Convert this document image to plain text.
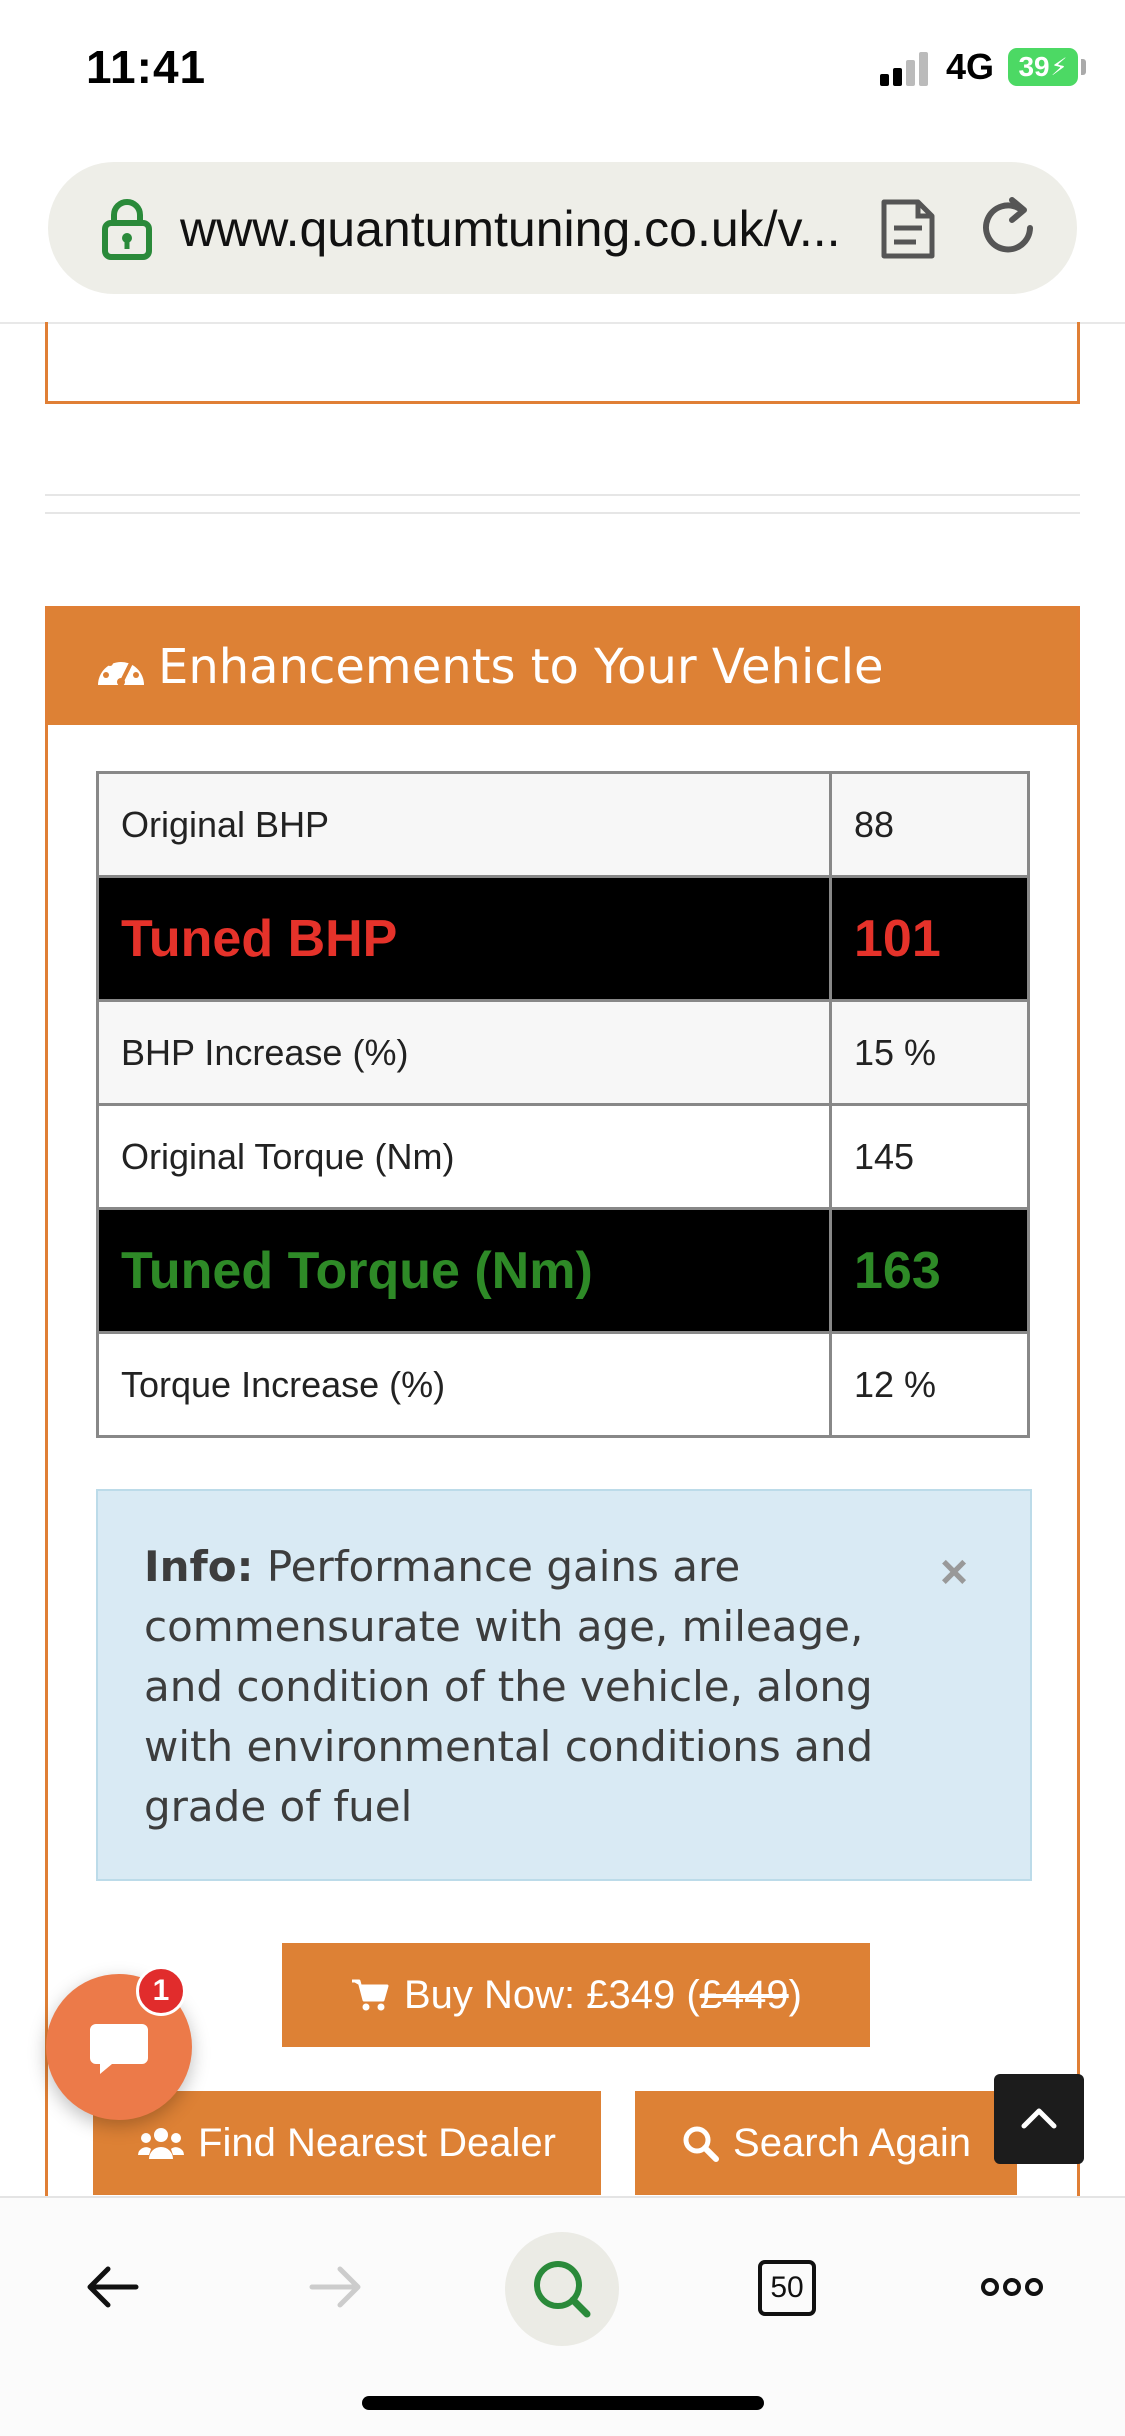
11:41	4G 39 ⚡
www.quantumtuning.co.uk/v...
Enhancements to Your Vehicle
Original BHP	88
Tuned BHP	101
BHP Increase (%)	15 %
Original Torque (Nm)	145
Tuned Torque (Nm)	163
Torque Increase (%)	12 %
Info: Performance gains are commensurate with age, mileage, and condition of the vehicle, along with environmental conditions and grade of fuel
×
Buy Now: £349 ( £449 )
Find Nearest Dealer	Search Again
1
50
